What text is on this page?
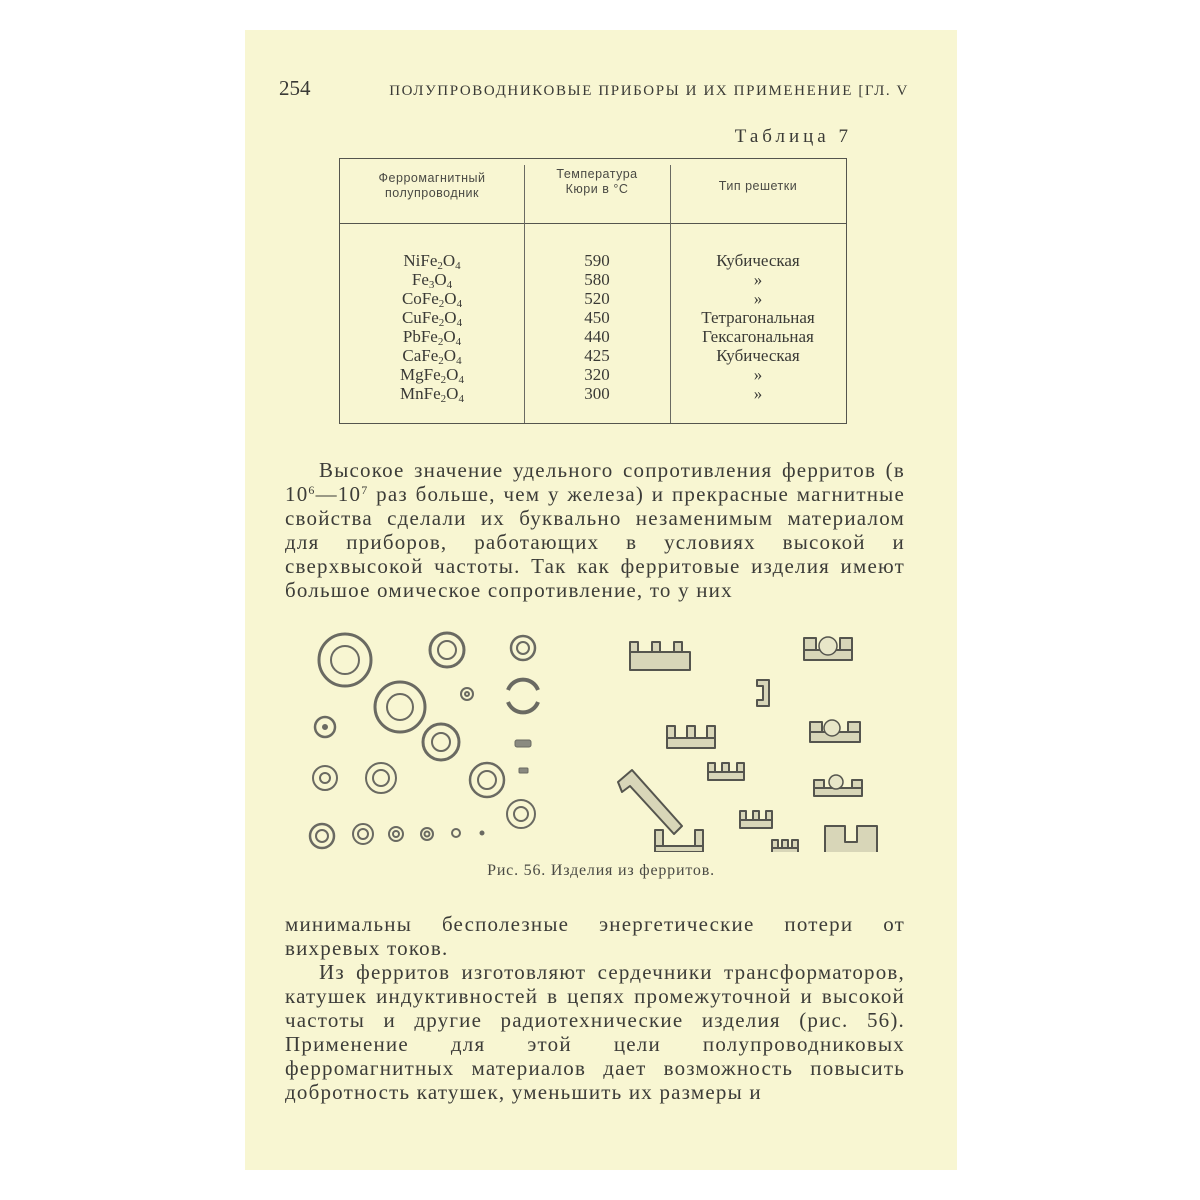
254	ПОЛУПРОВОДНИКОВЫЕ ПРИБОРЫ И ИХ ПРИМЕНЕНИЕ [ГЛ. V
Таблица 7
Ферромагнитный
полупроводник
Температура
Кюри в °C	Тип решетки
$NiFe_2O_4$
$Fe_3O_4$
$CoFe_2O_4$
$CuFe_2O_4$
$PbFe_2O_4$
$CaFe_2O_4$
$MgFe_2O_4$
$MnFe_2O_4$
590
580
520
450
440
425
320
300
Кубическая
»
»
Тетрагональная
Гексагональная
Кубическая
»
»

Высокое значение удельного сопротивления ферритов (в $10^6—10^7$ раз больше, чем у железа) и прекрасные магнитные свойства сделали их буквально незаменимым материалом для приборов, работающих в условиях высокой и сверхвысокой частоты. Так как ферритовые изделия имеют большое омическое сопротивление, то у них

Рис. 56. Изделия из ферритов.

минимальны бесполезные энергетические потери от вихревых токов.

Из ферритов изготовляют сердечники трансформаторов, катушек индуктивностей в цепях промежуточной и высокой частоты и другие радиотехнические изделия (рис. 56). Применение для этой цели полупроводниковых ферромагнитных материалов дает возможность повысить добротность катушек, уменьшить их размеры и
